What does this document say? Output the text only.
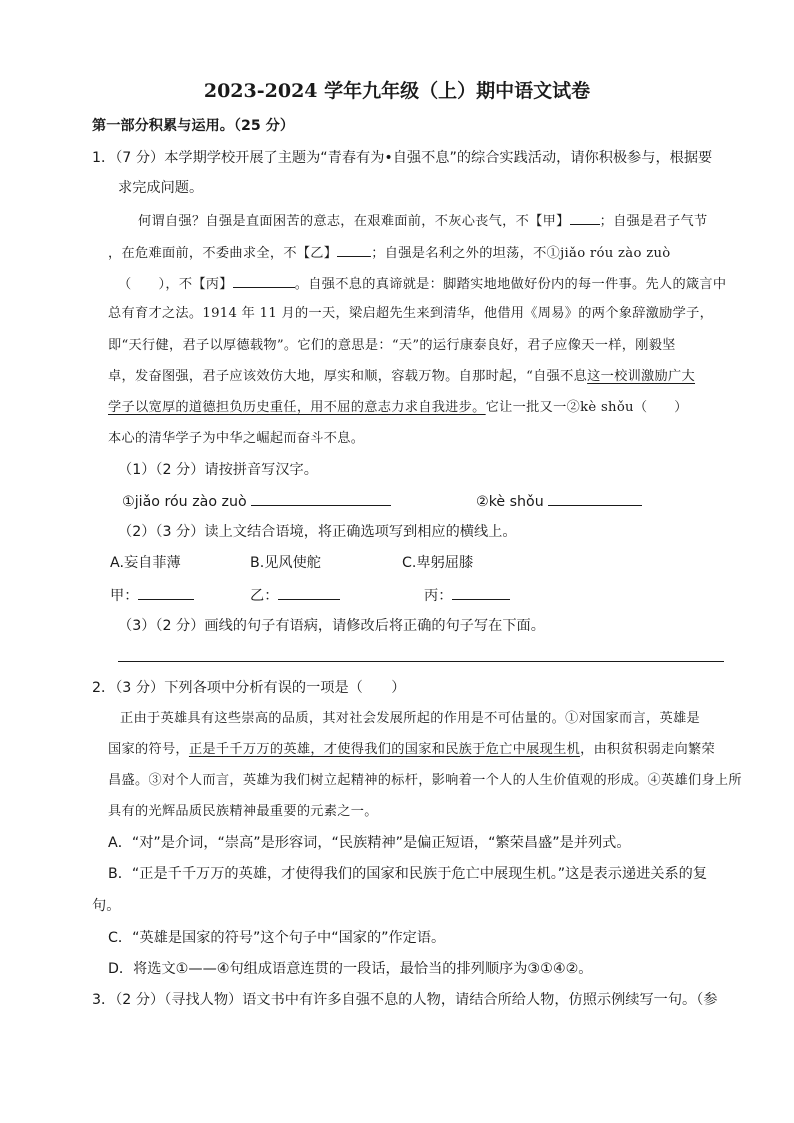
2023-2024 学年九年级（上）期中语文试卷
第一部分积累与运用。（25 分）
1．（7 分）本学期学校开展了主题为“青春有为•自强不息”的综合实践活动，请你积极参与，根据要
求完成问题。
何谓自强？自强是直面困苦的意志，在艰难面前，不灰心丧气，不【甲】 ；自强是君子气节
，在危难面前，不委曲求全，不【乙】	；自强是名利之外的坦荡，不①jiǎo róu zào zuò
（　　），不【丙】	。自强不息的真谛就是：脚踏实地地做好份内的每一件事。先人的箴言中
总有育才之法。1914 年 11 月的一天，梁启超先生来到清华，他借用《周易》的两个象辞激励学子，
即“天行健，君子以厚德载物”。它们的意思是：“天”的运行康泰良好，君子应像天一样，刚毅坚
卓，发奋图强，君子应该效仿大地，厚实和顺，容载万物。自那时起，“自强不息这一校训激励广大
学子以宽厚的道德担负历史重任，用不屈的意志力求自我进步。它让一批又一②kè shǒu（　　）
本心的清华学子为中华之崛起而奋斗不息。
（1）（2 分）请按拼音写汉字。
①jiǎo róu zào zuò	②kè shǒu
（2）（3 分）读上文结合语境，将正确选项写到相应的横线上。
A.妄自菲薄	B.见风使舵	C.卑躬屈膝
甲：	乙：	丙：
（3）（2 分）画线的句子有语病，请修改后将正确的句子写在下面。
2．（3 分）下列各项中分析有误的一项是（　　）
正由于英雄具有这些崇高的品质，其对社会发展所起的作用是不可估量的。①对国家而言，英雄是
国家的符号，正是千千万万的英雄，才使得我们的国家和民族于危亡中展现生机，由积贫积弱走向繁荣
昌盛。③对个人而言，英雄为我们树立起精神的标杆，影响着一个人的人生价值观的形成。④英雄们身上所
具有的光辉品质民族精神最重要的元素之一。
A．“对”是介词，“崇高”是形容词，“民族精神”是偏正短语，“繁荣昌盛”是并列式。
B．“正是千千万万的英雄，才使得我们的国家和民族于危亡中展现生机。”这是表示递进关系的复
句。
C．“英雄是国家的符号”这个句子中“国家的”作定语。
D．将选文①——④句组成语意连贯的一段话，最恰当的排列顺序为③①④②。
3．（2 分）（寻找人物）语文书中有许多自强不息的人物，请结合所给人物，仿照示例续写一句。（参
